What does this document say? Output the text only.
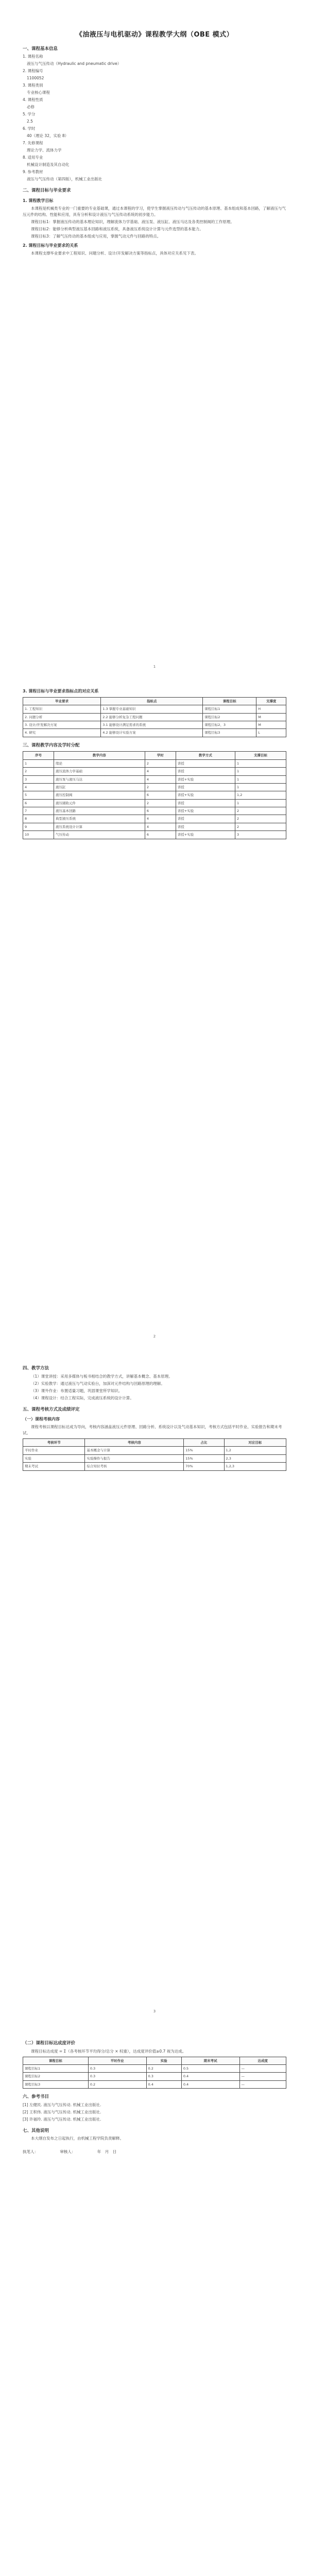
《油液压与电机驱动》课程教学大纲（OBE 模式）
一、课程基本信息
1. 课程名称
液压与气压传动（Hydraulic and pneumatic drive）
2. 课程编号
1100052
3. 课程类别
专业核心课程
4. 课程性质
必修
5. 学分
2.5
6. 学时
40（理论 32，实验 8）
7. 先修课程
理论力学、流体力学
8. 适用专业
机械设计制造及其自动化
9. 参考教材
液压与气压传动（第四版），机械工业出版社
二、课程目标与毕业要求
1. 课程教学目标
本课程是机械类专业的一门重要的专业基础课，通过本课程的学习，使学生掌握液压传动与气压传动的基本原理、基本组成和基本回路，了解液压与气压元件的结构、性能和应用，具有分析和设计液压与气压传动系统的初步能力。
课程目标1：掌握液压传动的基本理论知识，理解流体力学基础、液压泵、液压缸、液压马达及各类控制阀的工作原理。
课程目标2：能够分析典型液压基本回路和液压系统，具备液压系统设计计算与元件选型的基本能力。
课程目标3：了解气压传动的基本组成与应用，掌握气动元件与回路的特点。
2. 课程目标与毕业要求的关系
本课程支撑毕业要求中工程知识、问题分析、设计/开发解决方案等指标点，具体对应关系见下表。
1
3. 课程目标与毕业要求指标点的对应关系
毕业要求	指标点	课程目标	支撑度
1. 工程知识	1.3 掌握专业基础知识	课程目标1	H
2. 问题分析	2.2 能够分析复杂工程问题	课程目标2	M
3. 设计/开发解决方案	3.1 能够设计满足需求的系统	课程目标2、3	M
4. 研究	4.2 能够设计实验方案	课程目标3	L
三、课程教学内容及学时分配
序号	教学内容	学时	教学方式	支撑目标
1	绪论	2	讲授	1
2	液压流体力学基础	4	讲授	1
3	液压泵与液压马达	4	讲授+实验	1
4	液压缸	2	讲授	1
5	液压控制阀	6	讲授+实验	1,2
6	液压辅助元件	2	讲授	1
7	液压基本回路	6	讲授+实验	2
8	典型液压系统	4	讲授	2
9	液压系统设计计算	4	讲授	2
10	气压传动	6	讲授+实验	3
2
四、教学方法
（1）课堂讲授：采用多媒体与板书相结合的教学方式，讲解基本概念、基本原理。
（2）实验教学：通过液压与气动实验台，加深对元件结构与回路原理的理解。
（3）课外作业：布置适量习题，巩固课堂所学知识。
（4）课程设计：结合工程实际，完成液压系统的设计计算。
五、课程考核方式及成绩评定
（一）课程考核内容
课程考核以课程目标达成为导向，考核内容涵盖液压元件原理、回路分析、系统设计以及气动基本知识，考核方式包括平时作业、实验报告和期末考试。
考核环节	考核内容	占比	对应目标
平时作业	基本概念与计算	15%	1,2
实验	实验操作与报告	15%	2,3
期末考试	综合知识考核	70%	1,2,3
3
（二）课程目标达成度评价
课程目标达成度 = Σ（各考核环节平均得分/总分 × 权重），达成度评价值≥0.7 视为达成。
课程目标	平时作业	实验	期末考试	达成度
课程目标1	0.3	0.2	0.5	—
课程目标2	0.3	0.3	0.4	—
课程目标3	0.2	0.4	0.4	—
六、参考书目
[1] 左健民. 液压与气压传动. 机械工业出版社.
[2] 王积伟. 液压与气压传动. 机械工业出版社.
[3] 许福玲. 液压与气压传动. 机械工业出版社.
七、其他说明
本大纲自发布之日起执行，由机械工程学院负责解释。
执笔人：	审核人：	年　月　日
